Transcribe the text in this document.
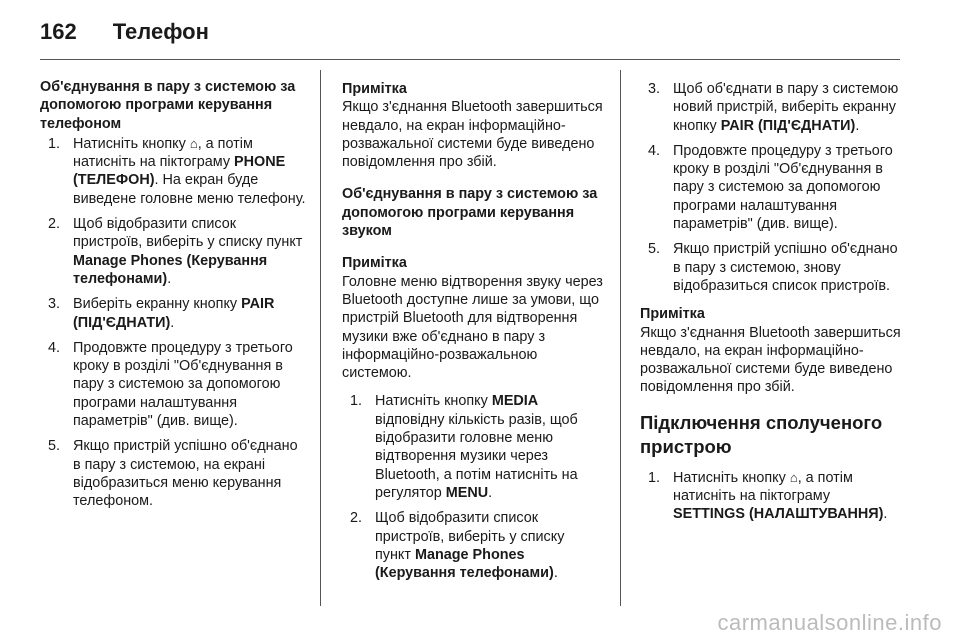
162 Телефон
Об'єднування в пару з системою за допомогою програми керування телефоном
1. Натисніть кнопку ⌂, а потім натисніть на піктограму PHONE (ТЕЛЕФОН). На екран буде виведене головне меню телефону.
2. Щоб відобразити список пристроїв, виберіть у списку пункт Manage Phones (Керування телефонами).
3. Виберіть екранну кнопку PAIR (ПІД'ЄДНАТИ).
4. Продовжте процедуру з третього кроку в розділі "Об'єднування в пару з системою за допомогою програми налаштування параметрів" (див. вище).
5. Якщо пристрій успішно об'єднано в пару з системою, на екрані відобразиться меню керування телефоном.
Примітка
Якщо з'єднання Bluetooth завершиться невдало, на екран інформаційно-розважальної системи буде виведено повідомлення про збій.
Об'єднування в пару з системою за допомогою програми керування звуком
Примітка
Головне меню відтворення звуку через Bluetooth доступне лише за умови, що пристрій Bluetooth для відтворення музики вже об'єднано в пару з інформаційно-розважальною системою.
1. Натисніть кнопку MEDIA відповідну кількість разів, щоб відобразити головне меню відтворення музики через Bluetooth, а потім натисніть на регулятор MENU.
2. Щоб відобразити список пристроїв, виберіть у списку пункт Manage Phones (Керування телефонами).
3. Щоб об'єднати в пару з системою новий пристрій, виберіть екранну кнопку PAIR (ПІД'ЄДНАТИ).
4. Продовжте процедуру з третього кроку в розділі "Об'єднування в пару з системою за допомогою програми налаштування параметрів" (див. вище).
5. Якщо пристрій успішно об'єднано в пару з системою, знову відобразиться список пристроїв.
Примітка
Якщо з'єднання Bluetooth завершиться невдало, на екран інформаційно-розважальної системи буде виведено повідомлення про збій.
Підключення сполученого пристрою
1. Натисніть кнопку ⌂, а потім натисніть на піктограму SETTINGS (НАЛАШТУВАННЯ).
carmanualsonline.info
